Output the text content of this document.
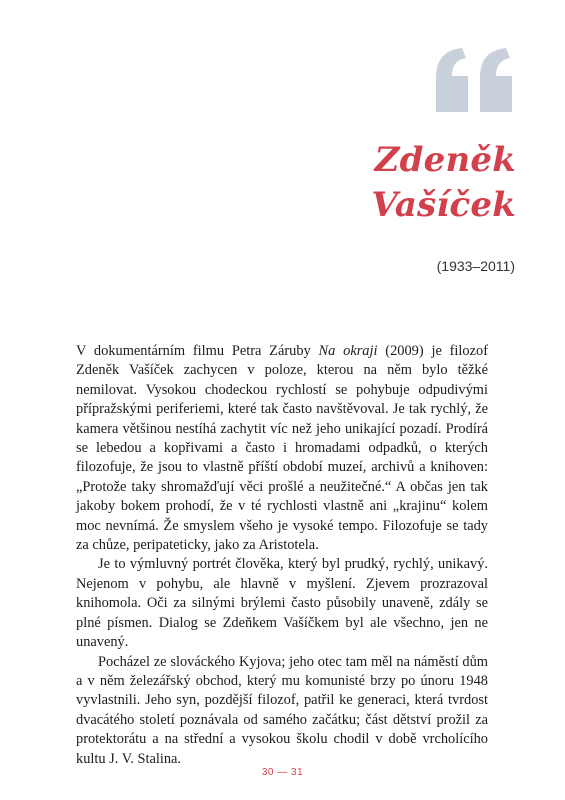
Zdeněk
Vašíček
(1933–2011)

V dokumentárním filmu Petra Záruby Na okraji (2009) je filozof Zdeněk Vašíček zachycen v poloze, kterou na něm bylo těžké nemilovat. Vysokou chodeckou rychlostí se pohybuje odpudivými přípražskými periferiemi, které tak často navštěvoval. Je tak rychlý, že kamera většinou nestíhá zachytit víc než jeho unikající pozadí. Prodírá se lebedou a kopřivami a často i hromadami odpadků, o kterých filozofuje, že jsou to vlastně příští období muzeí, archivů a knihoven: „Protože taky shromažďují věci prošlé a neužitečné.“ A občas jen tak jakoby bokem prohodí, že v té rychlosti vlastně ani „krajinu“ kolem moc nevnímá. Že smyslem všeho je vysoké tempo. Filozofuje se tady za chůze, peripateticky, jako za Aristotela.

Je to výmluvný portrét člověka, který byl prudký, rychlý, unikavý. Nejenom v pohybu, ale hlavně v myšlení. Zjevem prozrazoval knihomola. Oči za silnými brýlemi často působily unaveně, zdály se plné písmen. Dialog se Zdeňkem Vašíčkem byl ale všechno, jen ne unavený.

Pocházel ze slováckého Kyjova; jeho otec tam měl na náměstí dům a v něm železářský obchod, který mu komunisté brzy po únoru 1948 vyvlastnili. Jeho syn, pozdější filozof, patřil ke generaci, která tvrdost dvacátého století poznávala od samého začátku; část dětství prožil za protektorátu a na střední a vysokou školu chodil v době vrcholícího kultu J. V. Stalina.

30 — 31
